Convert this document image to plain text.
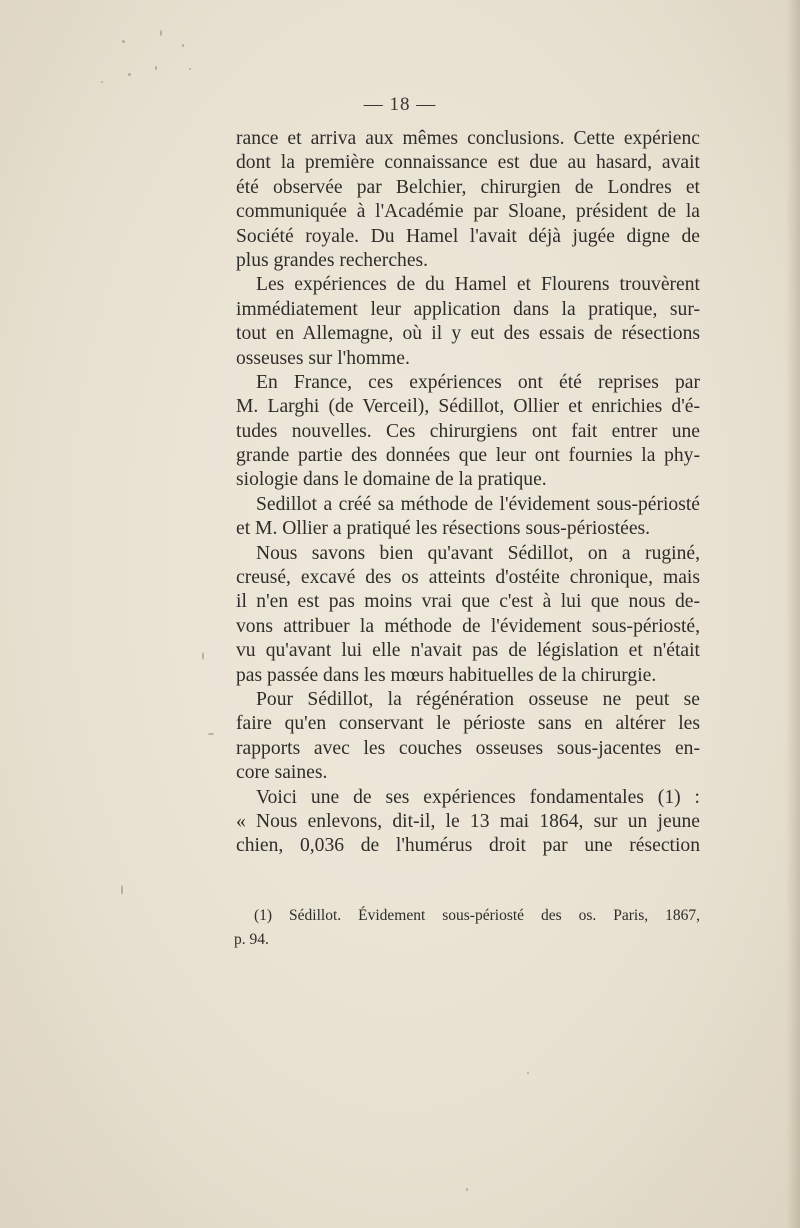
— 18 —
rance et arriva aux mêmes conclusions. Cette expérienc
dont la première connaissance est due au hasard, avait
été observée par Belchier, chirurgien de Londres et
communiquée à l'Académie par Sloane, président de la
Société royale. Du Hamel l'avait déjà jugée digne de
plus grandes recherches.
Les expériences de du Hamel et Flourens trouvèrent
immédiatement leur application dans la pratique, sur-
tout en Allemagne, où il y eut des essais de résections
osseuses sur l'homme.
En France, ces expériences ont été reprises par
M. Larghi (de Verceil), Sédillot, Ollier et enrichies d'é-
tudes nouvelles. Ces chirurgiens ont fait entrer une
grande partie des données que leur ont fournies la phy-
siologie dans le domaine de la pratique.
Sedillot a créé sa méthode de l'évidement sous-périosté
et M. Ollier a pratiqué les résections sous-périostées.
Nous savons bien qu'avant Sédillot, on a ruginé,
creusé, excavé des os atteints d'ostéite chronique, mais
il n'en est pas moins vrai que c'est à lui que nous de-
vons attribuer la méthode de l'évidement sous-périosté,
vu qu'avant lui elle n'avait pas de législation et n'était
pas passée dans les mœurs habituelles de la chirurgie.
Pour Sédillot, la régénération osseuse ne peut se
faire qu'en conservant le périoste sans en altérer les
rapports avec les couches osseuses sous-jacentes en-
core saines.
Voici une de ses expériences fondamentales (1) :
« Nous enlevons, dit-il, le 13 mai 1864, sur un jeune
chien, 0,036 de l'humérus droit par une résection
(1) Sédillot. Évidement sous-périosté des os. Paris, 1867,
p. 94.
